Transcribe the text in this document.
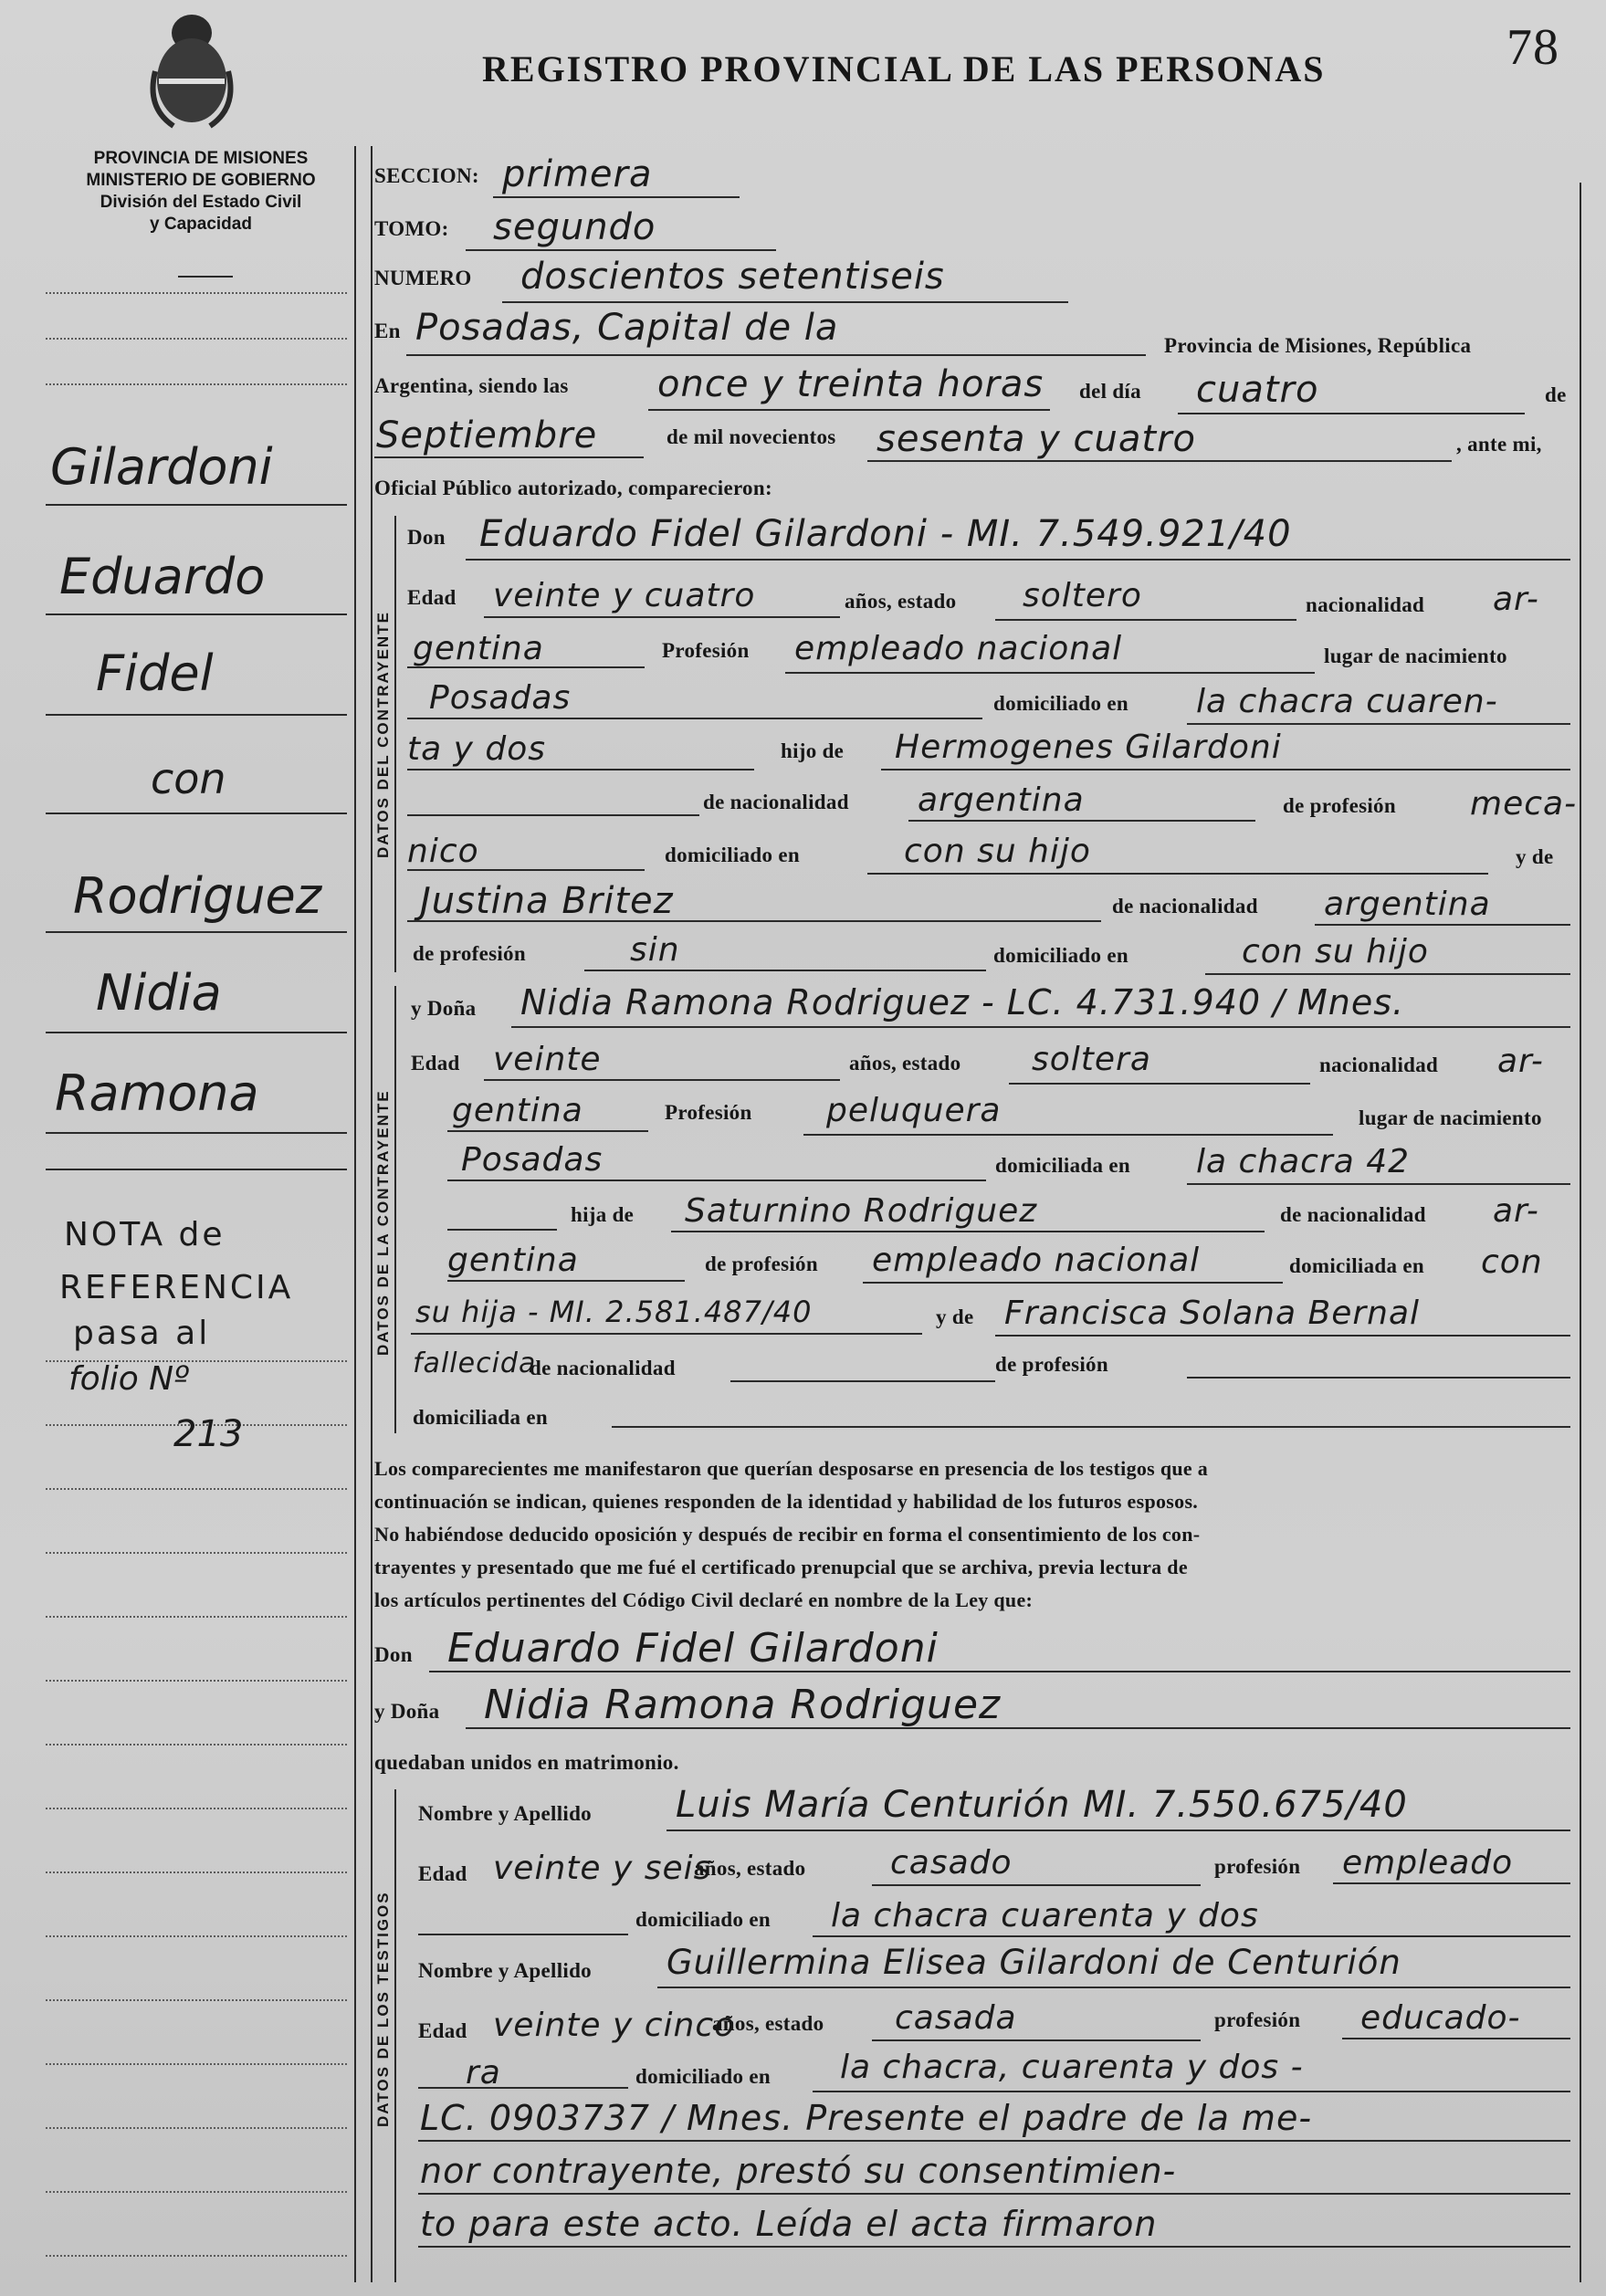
PROVINCIA DE MISIONES
MINISTERIO DE GOBIERNO
División del Estado Civil
y Capacidad
REGISTRO PROVINCIAL DE LAS PERSONAS	78
Gilardoni
Eduardo
Fidel
con
Rodriguez
Nidia
Ramona
NOTA de
REFERENCIA
pasa al
folio Nº
213
SECCION: primera
TOMO: segundo
NUMERO doscientos setentiseis
En Posadas, Capital de la	Provincia de Misiones, República
Argentina, siendo las once y treinta horas del día cuatro	de
Septiembre	de mil novecientos sesenta y cuatro	, ante mi,
Oficial Público autorizado, comparecieron:
DATOS DEL CONTRAYENTE
Don Eduardo Fidel Gilardoni - MI. 7.549.921/40
Edad veinte y cuatro	años, estado soltero	nacionalidad ar-
gentina	Profesión empleado nacional	lugar de nacimiento
Posadas	domiciliado en la chacra cuaren-
ta y dos	hijo de Hermogenes Gilardoni
de nacionalidad argentina	de profesión meca-
nico	domiciliado en	con su hijo	y de
Justina Britez	de nacionalidad argentina
de profesión	sin	domiciliado en	con su hijo
DATOS DE LA CONTRAYENTE
y Doña Nidia Ramona Rodriguez - LC. 4.731.940 / Mnes.
Edad veinte	años, estado soltera	nacionalidad ar-
gentina	Profesión peluquera	lugar de nacimiento
Posadas	domiciliada en la chacra 42
hija de Saturnino Rodriguez	de nacionalidad ar-
gentina	de profesión empleado nacional	domiciliada en con
su hija - MI. 2.581.487/40	y de Francisca Solana Bernal
fallecida
de nacionalidad	de profesión
domiciliada en
Los comparecientes me manifestaron que querían desposarse en presencia de los testigos que a
continuación se indican, quienes responden de la identidad y habilidad de los futuros esposos.
No habiéndose deducido oposición y después de recibir en forma el consentimiento de los con-
trayentes y presentado que me fué el certificado prenupcial que se archiva, previa lectura de
los artículos pertinentes del Código Civil declaré en nombre de la Ley que:
Don Eduardo Fidel Gilardoni
y Doña Nidia Ramona Rodriguez
quedaban unidos en matrimonio.
DATOS DE LOS TESTIGOS
Nombre y Apellido Luis María Centurión MI. 7.550.675/40
Edad veinte y seis
años, estado	casado	profesión empleado
domiciliado en la chacra cuarenta y dos
Nombre y Apellido Guillermina Elisea Gilardoni de Centurión
Edad veinte y cinco
años, estado casada	profesión educado-
ra	domiciliado en la chacra, cuarenta y dos -
LC. 0903737 / Mnes. Presente el padre de la me-
nor contrayente, prestó su consentimien-
to para este acto. Leída el acta firmaron
